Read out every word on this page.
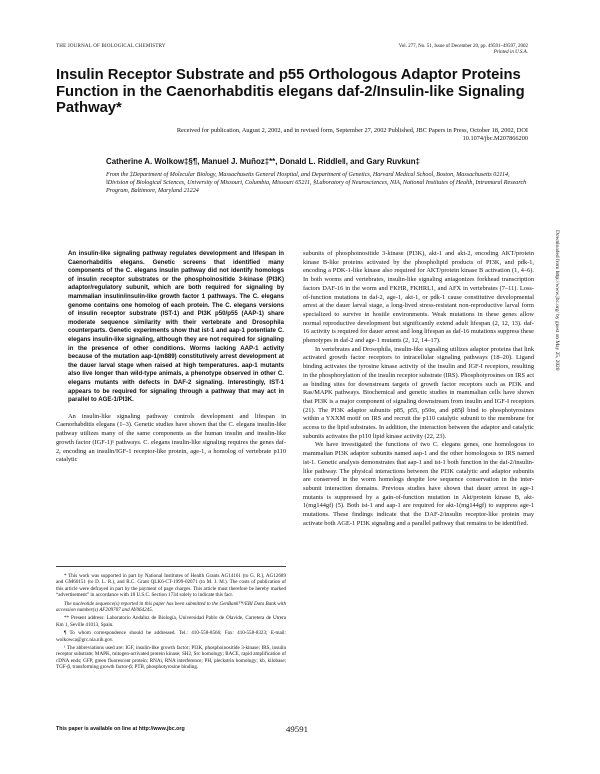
THE JOURNAL OF BIOLOGICAL CHEMISTRY	Vol. 277, No. 51, Issue of December 20, pp. 49591–49597, 2002
Printed in U.S.A.
Insulin Receptor Substrate and p55 Orthologous Adaptor Proteins Function in the Caenorhabditis elegans daf-2/Insulin-like Signaling Pathway*
Received for publication, August 2, 2002, and in revised form, September 27, 2002 Published, JBC Papers in Press, October 18, 2002, DOI 10.1074/jbc.M207866200
Catherine A. Wolkow‡§¶, Manuel J. Muñoz‡**, Donald L. Riddle‖, and Gary Ruvkun‡
From the ‡Department of Molecular Biology, Massachusetts General Hospital, and Department of Genetics, Harvard Medical School, Boston, Massachusetts 02114, ‖Division of Biological Sciences, University of Missouri, Columbia, Missouri 65211, §Laboratory of Neurosciences, NIA, National Institutes of Health, Intramural Research Program, Baltimore, Maryland 21224

An insulin-like signaling pathway regulates development and lifespan in Caenorhabditis elegans. Genetic screens that identified many components of the C. elegans insulin pathway did not identify homologs of insulin receptor substrates or the phosphoinositide 3-kinase (PI3K) adaptor/regulatory subunit, which are both required for signaling by mammalian insulin/insulin-like growth factor 1 pathways. The C. elegans genome contains one homolog of each protein. The C. elegans versions of insulin receptor substrate (IST-1) and PI3K p50/p55 (AAP-1) share moderate sequence similarity with their vertebrate and Drosophila counterparts. Genetic experiments show that ist-1 and aap-1 potentiate C. elegans insulin-like signaling, although they are not required for signaling in the presence of other conditions. Worms lacking AAP-1 activity because of the mutation aap-1(m889) constitutively arrest development at the dauer larval stage when raised at high temperatures. aap-1 mutants also live longer than wild-type animals, a phenotype observed in other C. elegans mutants with defects in DAF-2 signaling. Interestingly, IST-1 appears to be required for signaling through a pathway that may act in parallel to AGE-1/PI3K.

An insulin-like signaling pathway controls development and lifespan in Caenorhabditis elegans (1–3). Genetic studies have shown that the C. elegans insulin-like pathway utilizes many of the same components as the human insulin and insulin-like growth factor (IGF-1)¹ pathways. C. elegans insulin-like signaling requires the genes daf-2, encoding an insulin/IGF-1 receptor-like protein, age-1, a homolog of vertebrate p110 catalytic

* This work was supported in part by National Institutes of Health Grants AG14161 (to G. R.), AG12689 and GM60151 (to D. L. R.), and R.C. Grant QLK6-CT-1999-02071 (to M. J. M.). The costs of publication of this article were defrayed in part by the payment of page charges. This article must therefore be hereby marked “advertisement” in accordance with 18 U.S.C. Section 1734 solely to indicate this fact.

The nucleotide sequence(s) reported in this paper has been submitted to the GenBank™/EBI Data Bank with accession number(s) AF209707 and AY064245.

** Present address: Laboratorio Andaluz de Biología, Universidad Pablo de Olavide, Carretera de Utrera Km 1, Seville 41013, Spain.

¶ To whom correspondence should be addressed. Tel.: 410-558-8566; Fax: 410-558-8323; E-mail: wolkowca@grc.nia.nih.gov.

¹ The abbreviations used are: IGF, insulin-like growth factor; PI3K, phosphoinositide 3-kinase; IRS, insulin receptor substrate; MAPK, mitogen-activated protein kinase; SH2, Src homology; RACE, rapid amplification of cDNA ends; GFP, green fluorescent protein; RNAi, RNA interference; PH, pleckstrin homology; kb, kilobase; TGF-β, transforming growth factor-β; PTB, phosphotyrosine binding.

subunits of phosphoinositide 3-kinase (PI3K), akt-1 and akt-2, encoding AKT/protein kinase B-like proteins activated by the phospholipid products of PI3K, and pdk-1, encoding a PDK-1-like kinase also required for AKT/protein kinase B activation (1, 4–6). In both worms and vertebrates, insulin-like signaling antagonizes forkhead transcription factors DAF-16 in the worm and FKHR, FKHRL1, and AFX in vertebrates (7–11). Loss-of-function mutations in daf-2, age-1, akt-1, or pdk-1 cause constitutive developmental arrest at the dauer larval stage, a long-lived stress-resistant non-reproductive larval form specialized to survive in hostile environments. Weak mutations in these genes allow normal reproductive development but significantly extend adult lifespan (2, 12, 13). daf-16 activity is required for dauer arrest and long lifespan as daf-16 mutations suppress these phenotypes in daf-2 and age-1 mutants (2, 12, 14–17).

In vertebrates and Drosophila, insulin-like signaling utilizes adaptor proteins that link activated growth factor receptors to intracellular signaling pathways (18–20). Ligand binding activates the tyrosine kinase activity of the insulin and IGF-I receptors, resulting in the phosphorylation of the insulin receptor substrate (IRS). Phosphotyrosines on IRS act as binding sites for downstream targets of growth factor receptors such as PI3K and Ras/MAPK pathways. Biochemical and genetic studies in mammalian cells have shown that PI3K is a major component of signaling downstream from insulin and IGF-I receptors (21). The PI3K adaptor subunits p85, p55, p50α, and p85β bind to phosphotyrosines within a YXXM motif on IRS and recruit the p110 catalytic subunit to the membrane for access to the lipid substrates. In addition, the interaction between the adaptor and catalytic subunits activates the p110 lipid kinase activity (22, 23).

We have investigated the functions of two C. elegans genes, one homologous to mammalian PI3K adaptor subunits named aap-1 and the other homologous to IRS named ist-1. Genetic analysis demonstrates that aap-1 and ist-1 both function in the daf-2/insulin-like pathway. The physical interactions between the PI3K catalytic and adaptor subunits are conserved in the worm homologs despite low sequence conservation in the inter-subunit interaction domains. Previous studies have shown that dauer arrest in age-1 mutants is suppressed by a gain-of-function mutation in Akt/protein kinase B, akt-1(mg144gf) (5). Both ist-1 and aap-1 are required for akt-1(mg144gf) to suppress age-1 mutations. These findings indicate that the DAF-2/insulin receptor-like protein may activate both AGE-1 PI3K signaling and a parallel pathway that remains to be identified.

This paper is available on line at http://www.jbc.org	49591
Downloaded from http://www.jbc.org/ by guest on May 25, 2020
